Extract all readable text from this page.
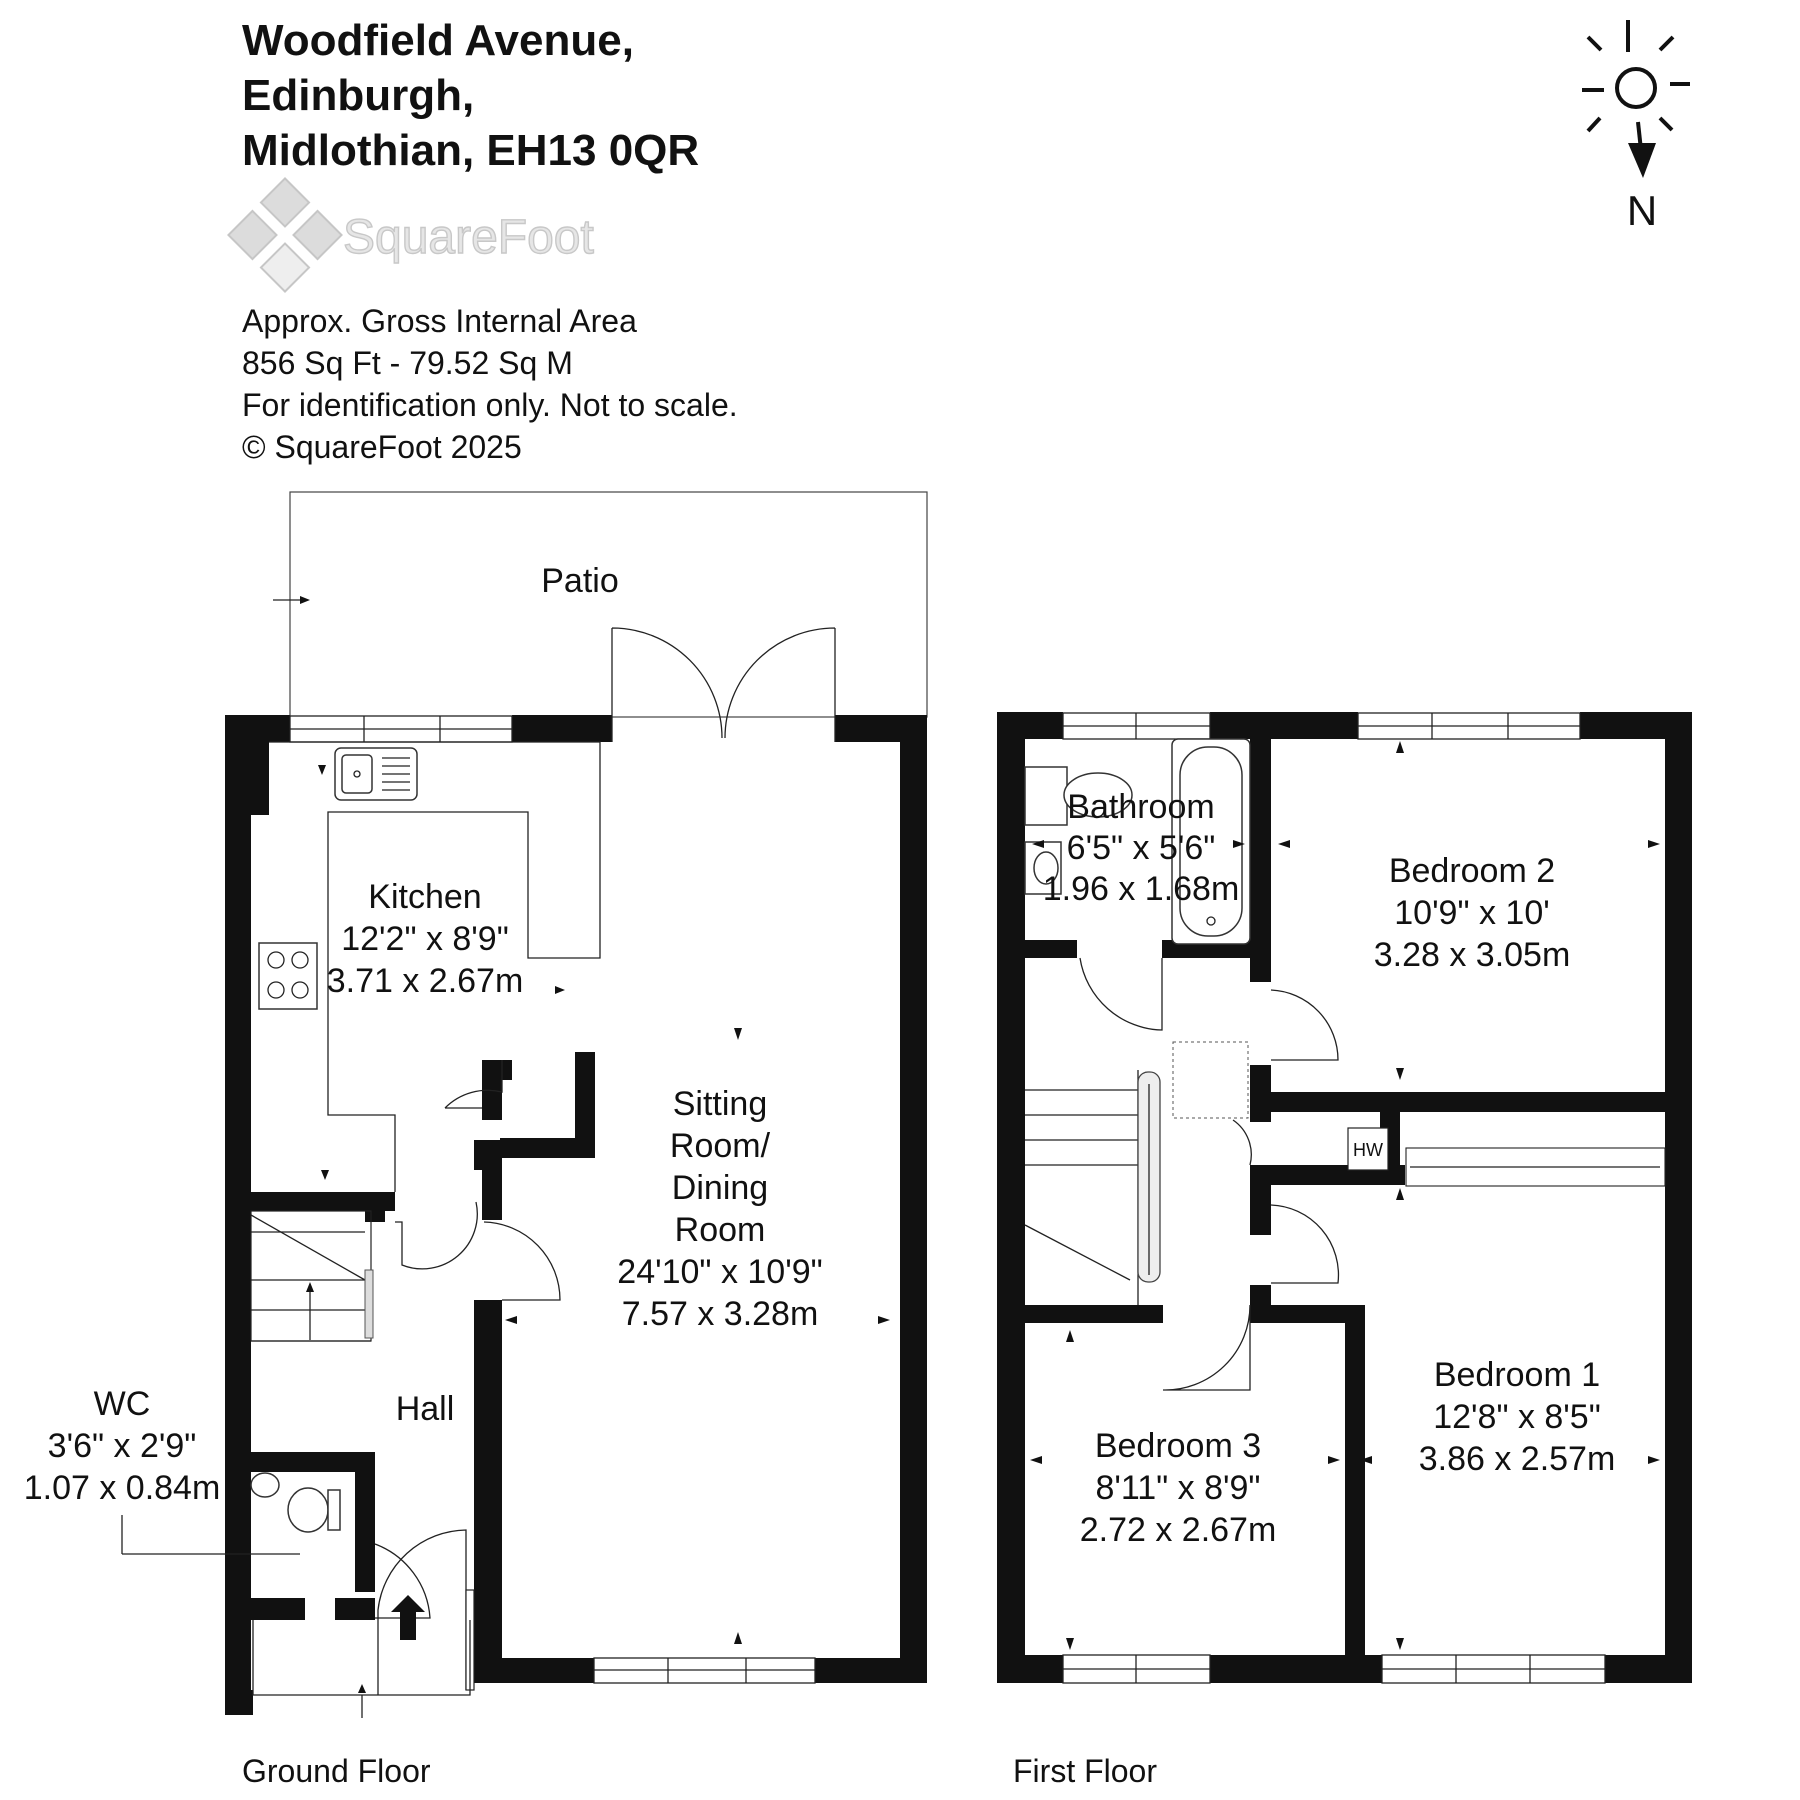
Woodfield Avenue,
Edinburgh,
Midlothian, EH13 0QR
SquareFoot
Approx. Gross Internal Area
856 Sq Ft - 79.52 Sq M
For identification only. Not to scale.
© SquareFoot 2025
N
Patio
Kitchen
12'2" x 8'9"
3.71 x 2.67m
Sitting
Room/
Dining
Room
24'10" x 10'9"
7.57 x 3.28m
Hall
WC
3'6" x 2'9"
1.07 x 0.84m
Ground Floor
HW
Bathroom
6'5" x 5'6"
1.96 x 1.68m	Bedroom 2
10'9" x 10'
3.28 x 3.05m
Bedroom 1
12'8" x 8'5"
3.86 x 2.57m
Bedroom 3
8'11" x 8'9"
2.72 x 2.67m
First Floor
